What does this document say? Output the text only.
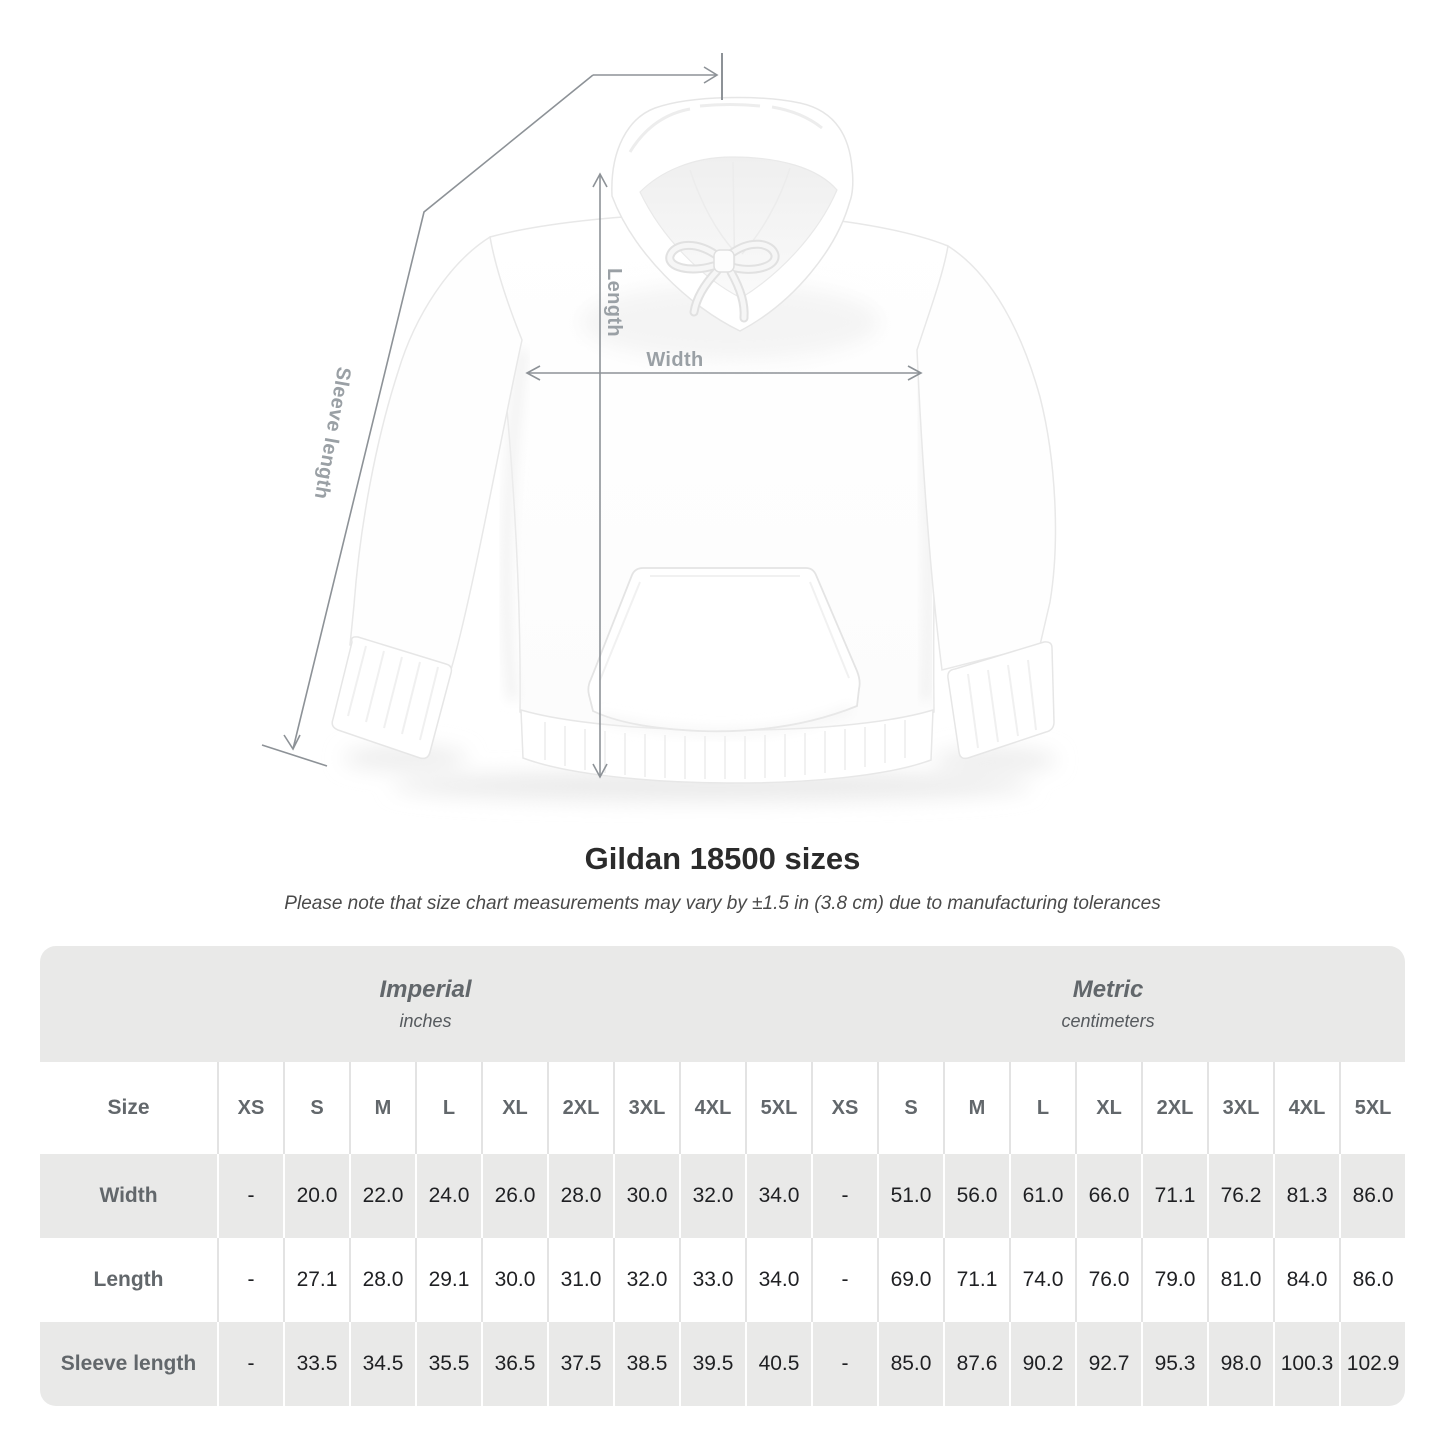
Sleeve length
Length
Width
Gildan 18500 sizes

Please note that size chart measurements may vary by ±1.5 in (3.8 cm) due to manufacturing tolerances

Imperial
inches

Metric
centimeters

Size	XS	S	M	L	XL	2XL	3XL	4XL	5XL	XS	S	M	L	XL	2XL	3XL	4XL	5XL
Width	-	20.0	22.0	24.0	26.0	28.0	30.0	32.0	34.0	-	51.0	56.0	61.0	66.0	71.1	76.2	81.3	86.0
Length	-	27.1	28.0	29.1	30.0	31.0	32.0	33.0	34.0	-	69.0	71.1	74.0	76.0	79.0	81.0	84.0	86.0
Sleeve length	-	33.5	34.5	35.5	36.5	37.5	38.5	39.5	40.5	-	85.0	87.6	90.2	92.7	95.3	98.0	100.3	102.9
